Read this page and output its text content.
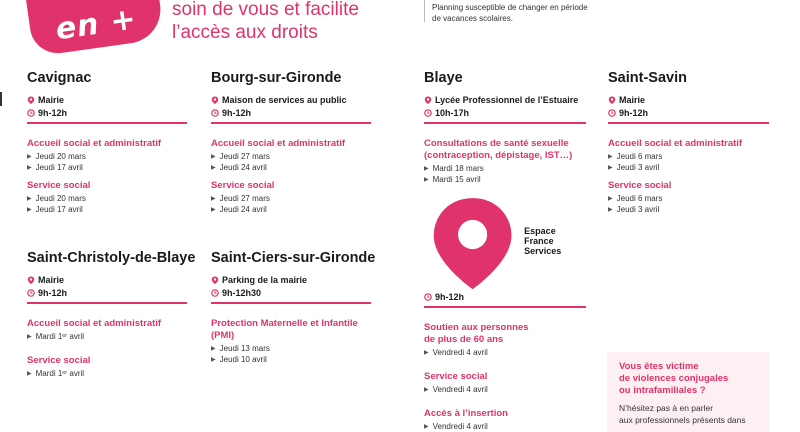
en + soin de vous et facilite
l’accès aux droits
Planning susceptible de changer en période
de vacances scolaires.
Cavignac
Mairie
9h-12h
Accueil social et administratif
▶ Jeudi 20 mars
▶ Jeudi 17 avril
Service social
▶ Jeudi 20 mars
▶ Jeudi 17 avril
Bourg-sur-Gironde
Maison de services au public
9h-12h
Accueil social et administratif
▶ Jeudi 27 mars
▶ Jeudi 24 avril
Service social
▶ Jeudi 27 mars
▶ Jeudi 24 avril
Blaye
Lycée Professionnel de l’Estuaire
10h-17h
Consultations de santé sexuelle
(contraception, dépistage, IST…)
▶ Mardi 18 mars
▶ Mardi 15 avril
Espace France Services
9h-12h
Soutien aux personnes
de plus de 60 ans
▶ Vendredi 4 avril
Service social
▶ Vendredi 4 avril
Accès à l’insertion
▶ Vendredi 4 avril
Saint-Savin
Mairie
9h-12h
Accueil social et administratif
▶ Jeudi 6 mars
▶ Jeudi 3 avril
Service social
▶ Jeudi 6 mars
▶ Jeudi 3 avril
Saint-Christoly-de-Blaye
Mairie
9h-12h
Accueil social et administratif
▶ Mardi 1ᵉʳ avril
Service social
▶ Mardi 1ᵉʳ avril
Saint-Ciers-sur-Gironde
Parking de la mairie
9h-12h30
Protection Maternelle et Infantile
(PMI)
▶ Jeudi 13 mars
▶ Jeudi 10 avril
Vous êtes victime
de violences conjugales
ou intrafamiliales ?
N’hésitez pas à en parler
aux professionnels présents dans
